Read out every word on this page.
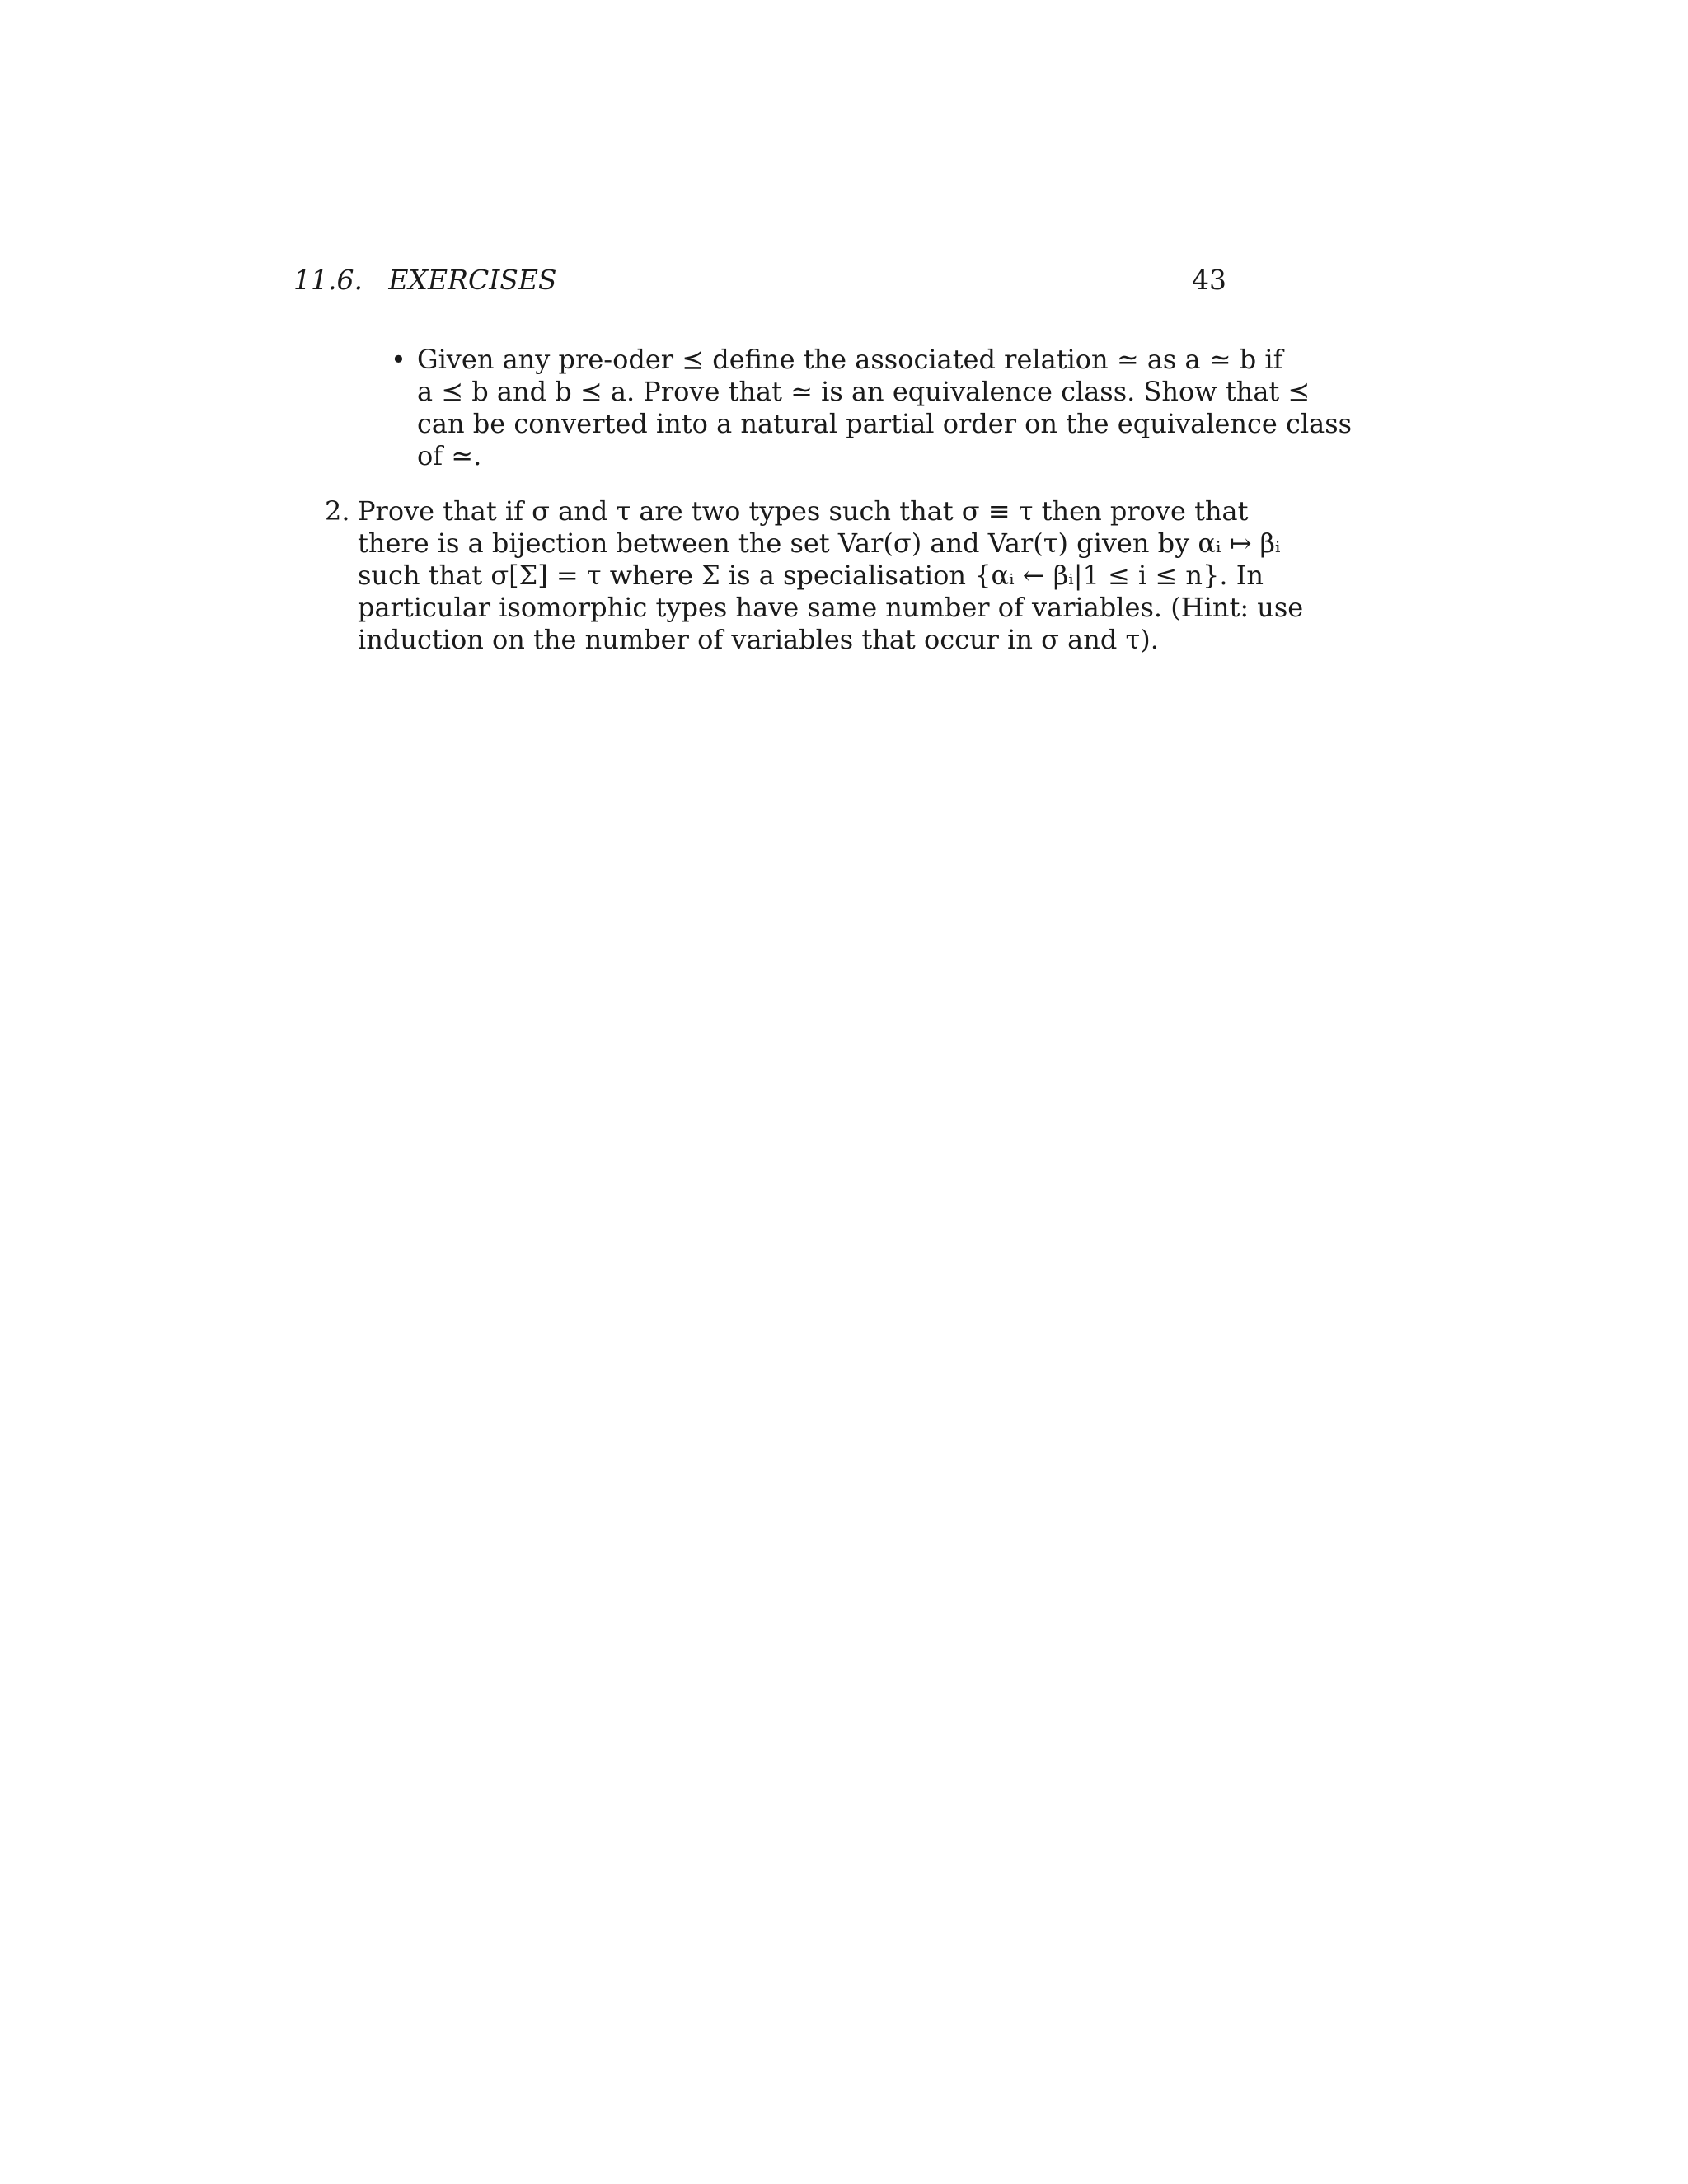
11.6.   EXERCISES	43
• Given any pre-oder ⪯ define the associated relation ≃ as a ≃ b if
a ⪯ b and b ⪯ a. Prove that ≃ is an equivalence class. Show that ⪯
can be converted into a natural partial order on the equivalence class
of ≃.
2. Prove that if σ and τ are two types such that σ ≡ τ then prove that
there is a bijection between the set Var(σ) and Var(τ) given by αᵢ ↦ βᵢ
such that σ[Σ] = τ where Σ is a specialisation {αᵢ ← βᵢ|1 ≤ i ≤ n}. In
particular isomorphic types have same number of variables. (Hint: use
induction on the number of variables that occur in σ and τ).
